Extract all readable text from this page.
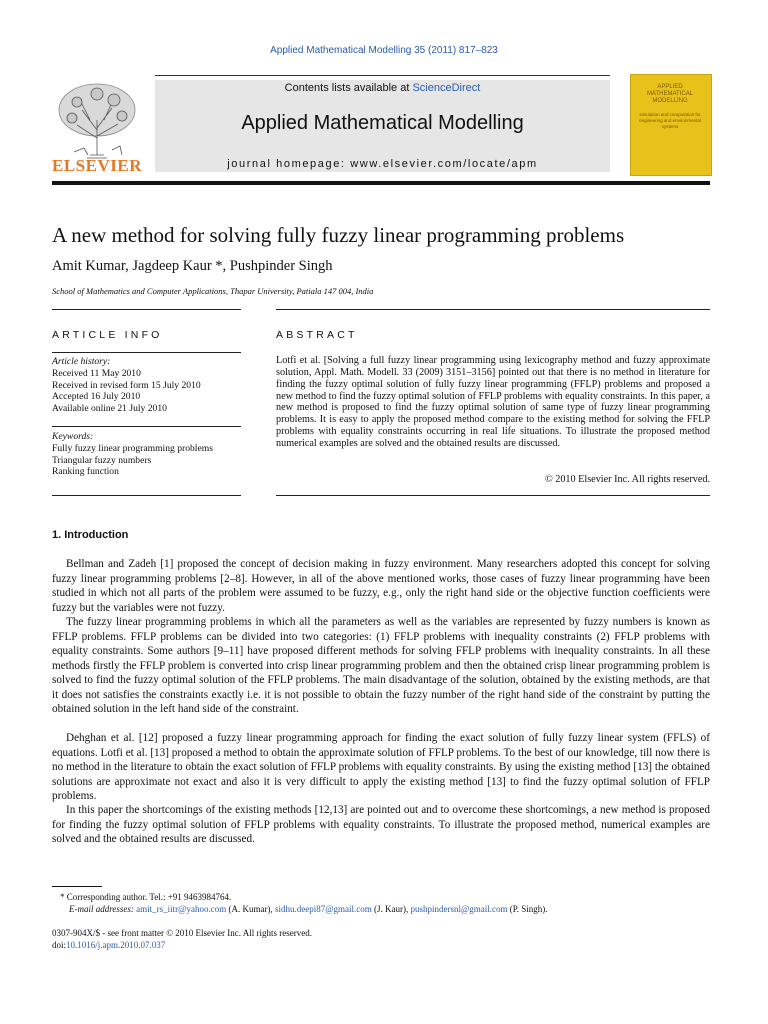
Applied Mathematical Modelling 35 (2011) 817–823
Contents lists available at ScienceDirect
Applied Mathematical Modelling
journal homepage: www.elsevier.com/locate/apm
ELSEVIER
APPLIED MATHEMATICAL MODELLING
simulation and computation for engineering and environmental systems
A new method for solving fully fuzzy linear programming problems
Amit Kumar, Jagdeep Kaur *, Pushpinder Singh
School of Mathematics and Computer Applications, Thapar University, Patiala 147 004, India
ARTICLE INFO
Article history:
Received 11 May 2010
Received in revised form 15 July 2010
Accepted 16 July 2010
Available online 21 July 2010
Keywords:
Fully fuzzy linear programming problems
Triangular fuzzy numbers
Ranking function
ABSTRACT
Lotfi et al. [Solving a full fuzzy linear programming using lexicography method and fuzzy approximate solution, Appl. Math. Modell. 33 (2009) 3151–3156] pointed out that there is no method in literature for finding the fuzzy optimal solution of fully fuzzy linear programming (FFLP) problems and proposed a new method to find the fuzzy optimal solution of FFLP problems with equality constraints. In this paper, a new method is proposed to find the fuzzy optimal solution of same type of fuzzy linear programming problems. It is easy to apply the proposed method compare to the existing method for solving the FFLP problems with equality constraints occurring in real life situations. To illustrate the proposed method numerical examples are solved and the obtained results are discussed.
© 2010 Elsevier Inc. All rights reserved.
1. Introduction
Bellman and Zadeh [1] proposed the concept of decision making in fuzzy environment. Many researchers adopted this concept for solving fuzzy linear programming problems [2–8]. However, in all of the above mentioned works, those cases of fuzzy linear programming have been studied in which not all parts of the problem were assumed to be fuzzy, e.g., only the right hand side or the objective function coefficients were fuzzy but the variables were not fuzzy.
The fuzzy linear programming problems in which all the parameters as well as the variables are represented by fuzzy numbers is known as FFLP problems. FFLP problems can be divided into two categories: (1) FFLP problems with inequality constraints (2) FFLP problems with equality constraints. Some authors [9–11] have proposed different methods for solving FFLP problems with inequality constraints. In all these methods firstly the FFLP problem is converted into crisp linear programming problem and then the obtained crisp linear programming problem is solved to find the fuzzy optimal solution of the FFLP problems. The main disadvantage of the solution, obtained by the existing methods, are that it does not satisfies the constraints exactly i.e. it is not possible to obtain the fuzzy number of the right hand side of the constraint by putting the obtained solution in the left hand side of the constraint.
Dehghan et al. [12] proposed a fuzzy linear programming approach for finding the exact solution of fully fuzzy linear system (FFLS) of equations. Lotfi et al. [13] proposed a method to obtain the approximate solution of FFLP problems. To the best of our knowledge, till now there is no method in the literature to obtain the exact solution of FFLP problems with equality constraints. By using the existing method [13] the obtained solutions are approximate not exact and also it is very difficult to apply the existing method [13] to find the fuzzy optimal solution of FFLP problems.
In this paper the shortcomings of the existing methods [12,13] are pointed out and to overcome these shortcomings, a new method is proposed for finding the fuzzy optimal solution of FFLP problems with equality constraints. To illustrate the proposed method, numerical examples are solved and the obtained results are discussed.
* Corresponding author. Tel.: +91 9463984764.
E-mail addresses: amit_rs_iitr@yahoo.com (A. Kumar), sidhu.deepi87@gmail.com (J. Kaur), pushpindersnl@gmail.com (P. Singh).
0307-904X/$ - see front matter © 2010 Elsevier Inc. All rights reserved.
doi:10.1016/j.apm.2010.07.037
